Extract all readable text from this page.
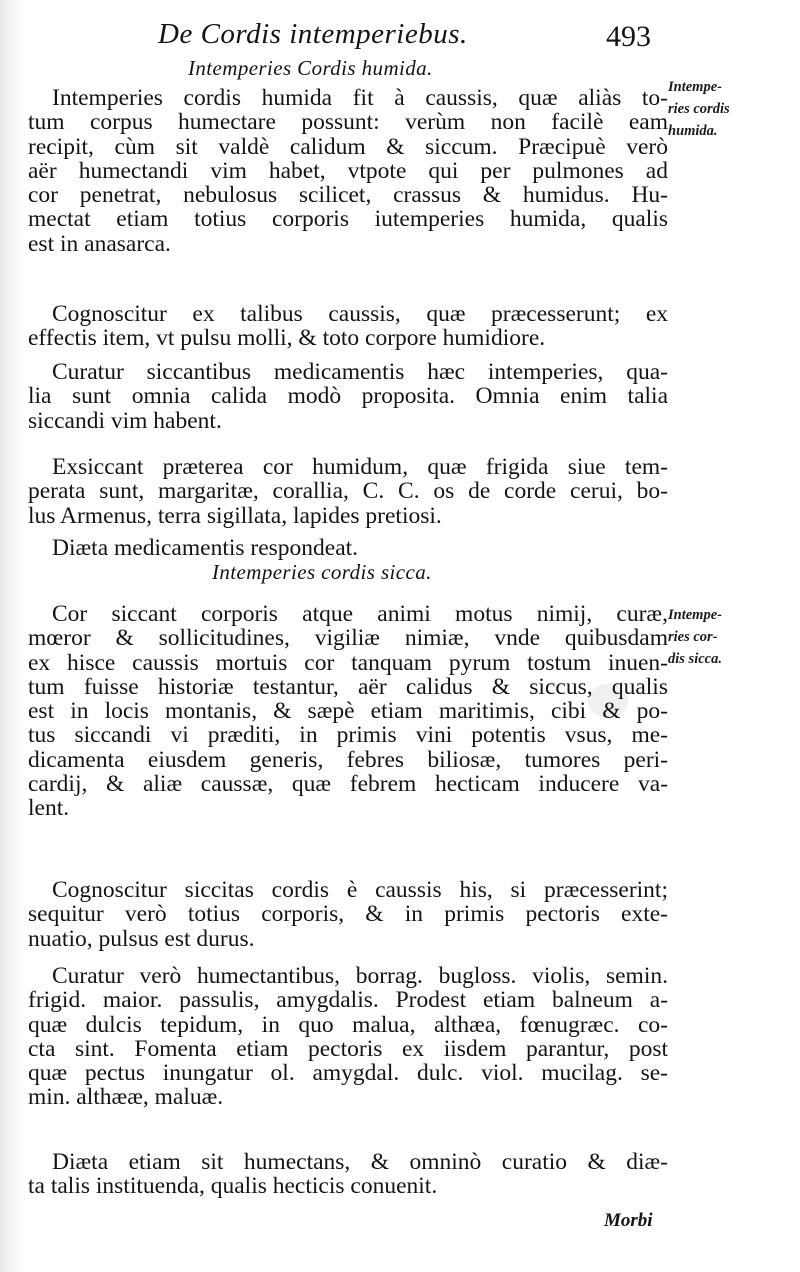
De Cordis intemperiebus.	493
Intemperies Cordis humida.
Intempe-
ries cordis
humida.
Intemperies cordis humida fit à caussis, quæ aliàs to-
tum corpus humectare possunt: verùm non facilè eam
recipit, cùm sit valdè calidum & siccum. Præcipuè verò
aër humectandi vim habet, vtpote qui per pulmones ad
cor penetrat, nebulosus scilicet, crassus & humidus. Hu-
mectat etiam totius corporis iutemperies humida, qualis
est in anasarca.
Cognoscitur ex talibus caussis, quæ præcesserunt; ex
effectis item, vt pulsu molli, & toto corpore humidiore.
Curatur siccantibus medicamentis hæc intemperies, qua-
lia sunt omnia calida modò proposita. Omnia enim talia
siccandi vim habent.
Exsiccant præterea cor humidum, quæ frigida siue tem-
perata sunt, margaritæ, corallia, C. C. os de corde cerui, bo-
lus Armenus, terra sigillata, lapides pretiosi.
Diæta medicamentis respondeat.
Intemperies cordis sicca.
Intempe-
ries cor-
dis sicca.
Cor siccant corporis atque animi motus nimij, curæ,
mœror & sollicitudines, vigiliæ nimiæ, vnde quibusdam
ex hisce caussis mortuis cor tanquam pyrum tostum inuen-
tum fuisse historiæ testantur, aër calidus & siccus, qualis
est in locis montanis, & sæpè etiam maritimis, cibi & po-
tus siccandi vi præditi, in primis vini potentis vsus, me-
dicamenta eiusdem generis, febres biliosæ, tumores peri-
cardij, & aliæ caussæ, quæ febrem hecticam inducere va-
lent.
Cognoscitur siccitas cordis è caussis his, si præcesserint;
sequitur verò totius corporis, & in primis pectoris exte-
nuatio, pulsus est durus.
Curatur verò humectantibus, borrag. bugloss. violis, semin.
frigid. maior. passulis, amygdalis. Prodest etiam balneum a-
quæ dulcis tepidum, in quo malua, althæa, fœnugræc. co-
cta sint. Fomenta etiam pectoris ex iisdem parantur, post
quæ pectus inungatur ol. amygdal. dulc. viol. mucilag. se-
min. althææ, maluæ.
Diæta etiam sit humectans, & omninò curatio & diæ-
ta talis instituenda, qualis hecticis conuenit.
Morbi
